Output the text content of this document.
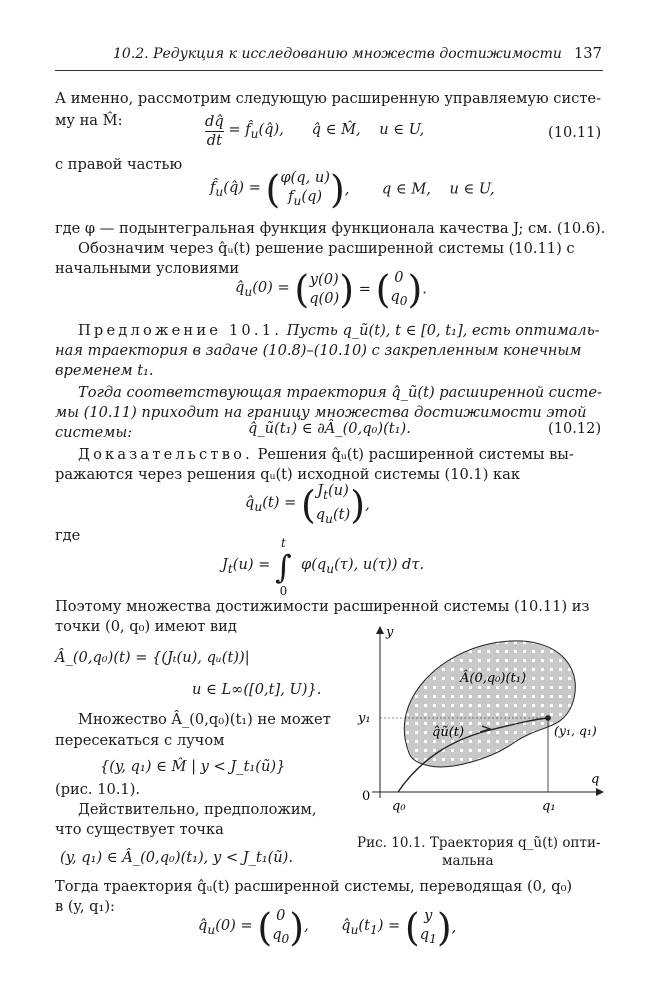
10.2. Редукция к исследованию множеств достижимости 137
А именно, рассмотрим следующую расширенную управляемую систе-
му на M̂:	$\frac{dq̂}{dt}$ = $f̂_u(q̂)$,      q̂ ∈ M̂,    u ∈ U,	(10.11)
с правой частью
$f̂_u(q̂) = (\varphi(q$, u)
$f_u(q)$ ),       q ∈ M,    u ∈ U,
где φ — подынтегральная функция функционала качества J; см. (10.6).
Обозначим через q̂ᵤ(t) решение расширенной системы (10.11) с
начальными условиями
$q̂_u(0) = (y(0)$
q(0)) = ( 0
$q_0$).
Предложение 10.1. Пусть q_ũ(t), t ∈ [0, t₁], есть оптималь-
ная траектория в задаче (10.8)–(10.10) с закрепленным конечным
временем t₁.
Тогда соответствующая траектория q̂_ũ(t) расширенной систе-
мы (10.11) приходит на границу множества достижимости этой
системы:	q̂_ũ(t₁) ∈ ∂Â_(0,q₀)(t₁).	(10.12)
Доказательство. Решения q̂ᵤ(t) расширенной системы вы-
ражаются через решения qᵤ(t) исходной системы (10.1) как
$q̂_u(t) = (J_t(u)$
$q_u(t)$),
где
$J_t(u)$ =
t
∫
0
$\varphi(q_u(\tau)$, u(τ)) dτ.
Поэтому множества достижимости расширенной системы (10.11) из
точки (0, q₀) имеют вид
Â_(0,q₀)(t) = {(Jₜ(u), qᵤ(t))|
u ∈ L∞([0,t], U)}.
Множество Â_(0,q₀)(t₁) не может
пересекаться с лучом
{(y, q₁) ∈ M̂ | y < J_t₁(ũ)}
(рис. 10.1).
Действительно, предположим,
что существует точка
(y, q₁) ∈ Â_(0,q₀)(t₁), y < J_t₁(ũ).
y
q
0
y₁
q₀	q₁
Â(0,q₀)(t₁)
q̂ũ(t)	(y₁, q₁)
Рис. 10.1. Траектория q_ũ(t) опти-
мальна
Тогда траектория q̂ᵤ(t) расширенной системы, переводящая (0, q₀)
в (y, q₁):
$q̂_u(0)$ = ( 0
$q_0$),       $q̂_u(t_1)$ = ( y
$q_1$),
